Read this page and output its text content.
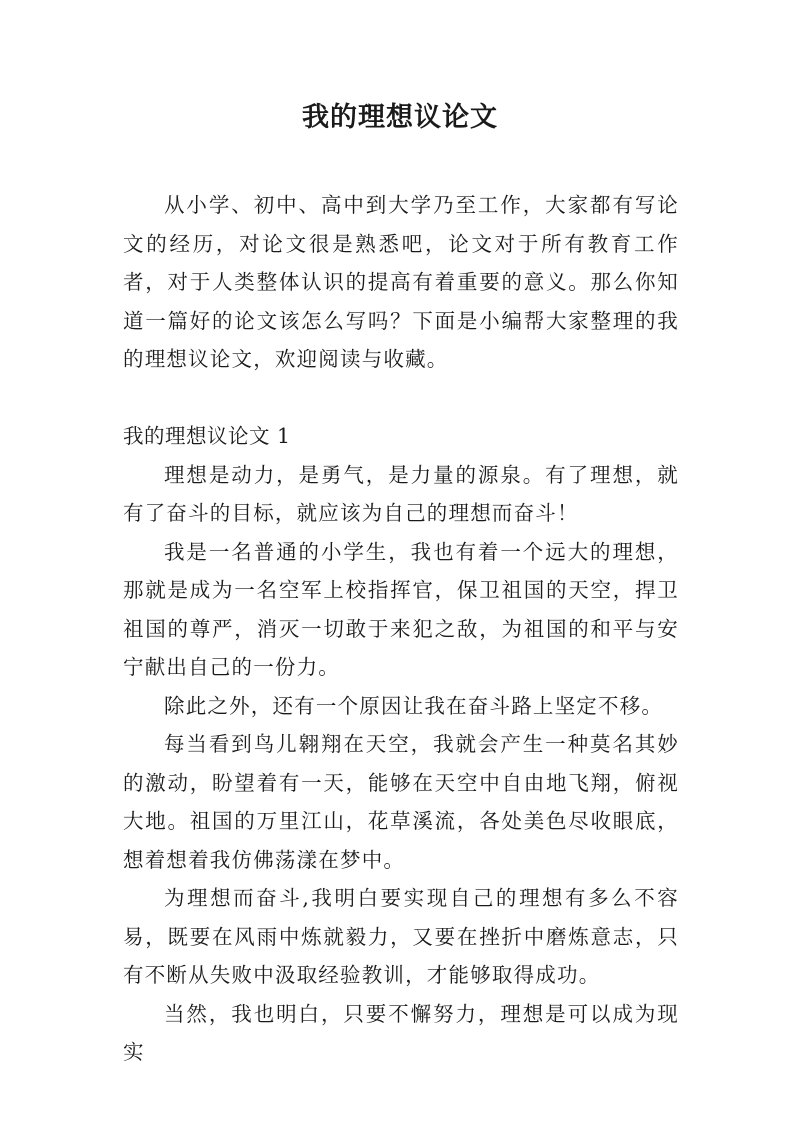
我的理想议论文

从小学、初中、高中到大学乃至工作，大家都有写论文的经历，对论文很是熟悉吧，论文对于所有教育工作者，对于人类整体认识的提高有着重要的意义。那么你知道一篇好的论文该怎么写吗？下面是小编帮大家整理的我的理想议论文，欢迎阅读与收藏。

我的理想议论文 1

理想是动力，是勇气，是力量的源泉。有了理想，就有了奋斗的目标，就应该为自己的理想而奋斗！

我是一名普通的小学生，我也有着一个远大的理想，那就是成为一名空军上校指挥官，保卫祖国的天空，捍卫祖国的尊严，消灭一切敢于来犯之敌，为祖国的和平与安宁献出自己的一份力。

除此之外，还有一个原因让我在奋斗路上坚定不移。

每当看到鸟儿翱翔在天空，我就会产生一种莫名其妙的激动，盼望着有一天，能够在天空中自由地飞翔，俯视大地。祖国的万里江山，花草溪流，各处美色尽收眼底，想着想着我仿佛荡漾在梦中。

为理想而奋斗,我明白要实现自己的理想有多么不容易，既要在风雨中炼就毅力，又要在挫折中磨炼意志，只有不断从失败中汲取经验教训，才能够取得成功。

当然，我也明白，只要不懈努力，理想是可以成为现实
